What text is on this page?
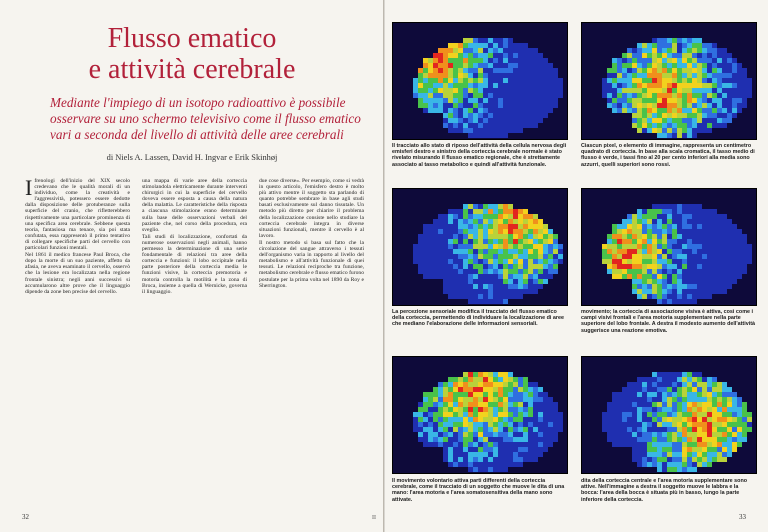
Flusso ematico
e attività cerebrale

Mediante l'impiego di un isotopo radioattivo è possibile
osservare su uno schermo televisivo come il flusso ematico
vari a seconda del livello di attività delle aree cerebrali

di Niels A. Lassen, David H. Ingvar e Erik Skinhøj

Ifrenologi dell'inizio del XIX secolo credevano che le qualità morali di un individuo, come la creatività e l'aggressività, potessero essere dedotte dalla disposizione delle protuberanze sulla superficie del cranio, che rifletterebbero rispettivamente una particolare prominenza di una specifica area cerebrale. Sebbene questa teoria, fantasiosa ma tenace, sia poi stata confutata, essa rappresentò il primo tentativo di collegare specifiche parti del cervello con particolari funzioni mentali.

Nel 1861 il medico francese Paul Broca, che dopo la morte di un suo paziente, affetto da afasia, ne aveva esaminato il cervello, osservò che la lesione era localizzata nella regione frontale sinistra; negli anni successivi si accumularono altre prove che il linguaggio dipende da zone ben precise del cervello.

una mappa di varie aree della corteccia stimolandola elettricamente durante interventi chirurgici in cui la superficie del cervello doveva essere esposta a causa della natura della malattia. Le caratteristiche della risposta a ciascuna stimolazione erano determinate sulla base delle osservazioni verbali del paziente che, nel corso della procedura, era sveglio.

Tali studi di localizzazione, confortati da numerose osservazioni negli animali, hanno permesso la determinazione di una serie fondamentale di relazioni tra aree della corteccia e funzioni: il lobo occipitale nella parte posteriore della corteccia media le funzioni visive, la corteccia premotoria e motoria controlla la motilità e la zona di Broca, insieme a quella di Wernicke, governa il linguaggio.

due cose diverse». Per esempio, come si vedrà in questo articolo, l'emisfero destro è molto più attivo mentre il soggetto sta parlando di quanto potrebbe sembrare in base agli studi basati esclusivamente sul danno tissutale. Un metodo più diretto per chiarire il problema della localizzazione consiste nello studiare la corteccia cerebrale integra in diverse situazioni funzionali, mentre il cervello è al lavoro.

Il nostro metodo si basa sul fatto che la circolazione del sangue attraverso i tessuti dell'organismo varia in rapporto al livello del metabolismo e all'attività funzionale di quei tessuti. Le relazioni reciproche tra funzione, metabolismo cerebrale e flusso ematico furono postulate per la prima volta nel 1890 da Roy e Sherrington.

32	II

Il tracciato allo stato di riposo dell'attività della cellula nervosa degli emisferi destro e sinistro della corteccia cerebrale normale è stato rivelato misurando il flusso ematico regionale, che è strettamente associato al tasso metabolico e quindi all'attività funzionale.

Ciascun pixel, o elemento di immagine, rappresenta un centimetro quadrato di corteccia. In base alla scala cromatica, il tasso medio di flusso è verde, i tassi fino al 20 per cento inferiori alla media sono azzurri, quelli superiori sono rossi.

La percezione sensoriale modifica il tracciato del flusso ematico della corteccia, permettendo di individuare la localizzazione di aree che mediano l'elaborazione delle informazioni sensoriali.

movimento; la corteccia di associazione visiva è attiva, così come i campi visivi frontali e l'area motoria supplementare nella parte superiore del lobo frontale. A destra il modesto aumento dell'attività suggerisce una reazione emotiva.

Il movimento volontario attiva parti differenti della corteccia cerebrale, come il tracciato di un soggetto che muove le dita di una mano: l'area motoria e l'area somatosensitiva della mano sono attivate.

dita della corteccia centrale e l'area motoria supplementare sono attive. Nell'immagine a destra il soggetto muove le labbra e la bocca: l'area della bocca è situata più in basso, lungo la parte inferiore della corteccia.

33
